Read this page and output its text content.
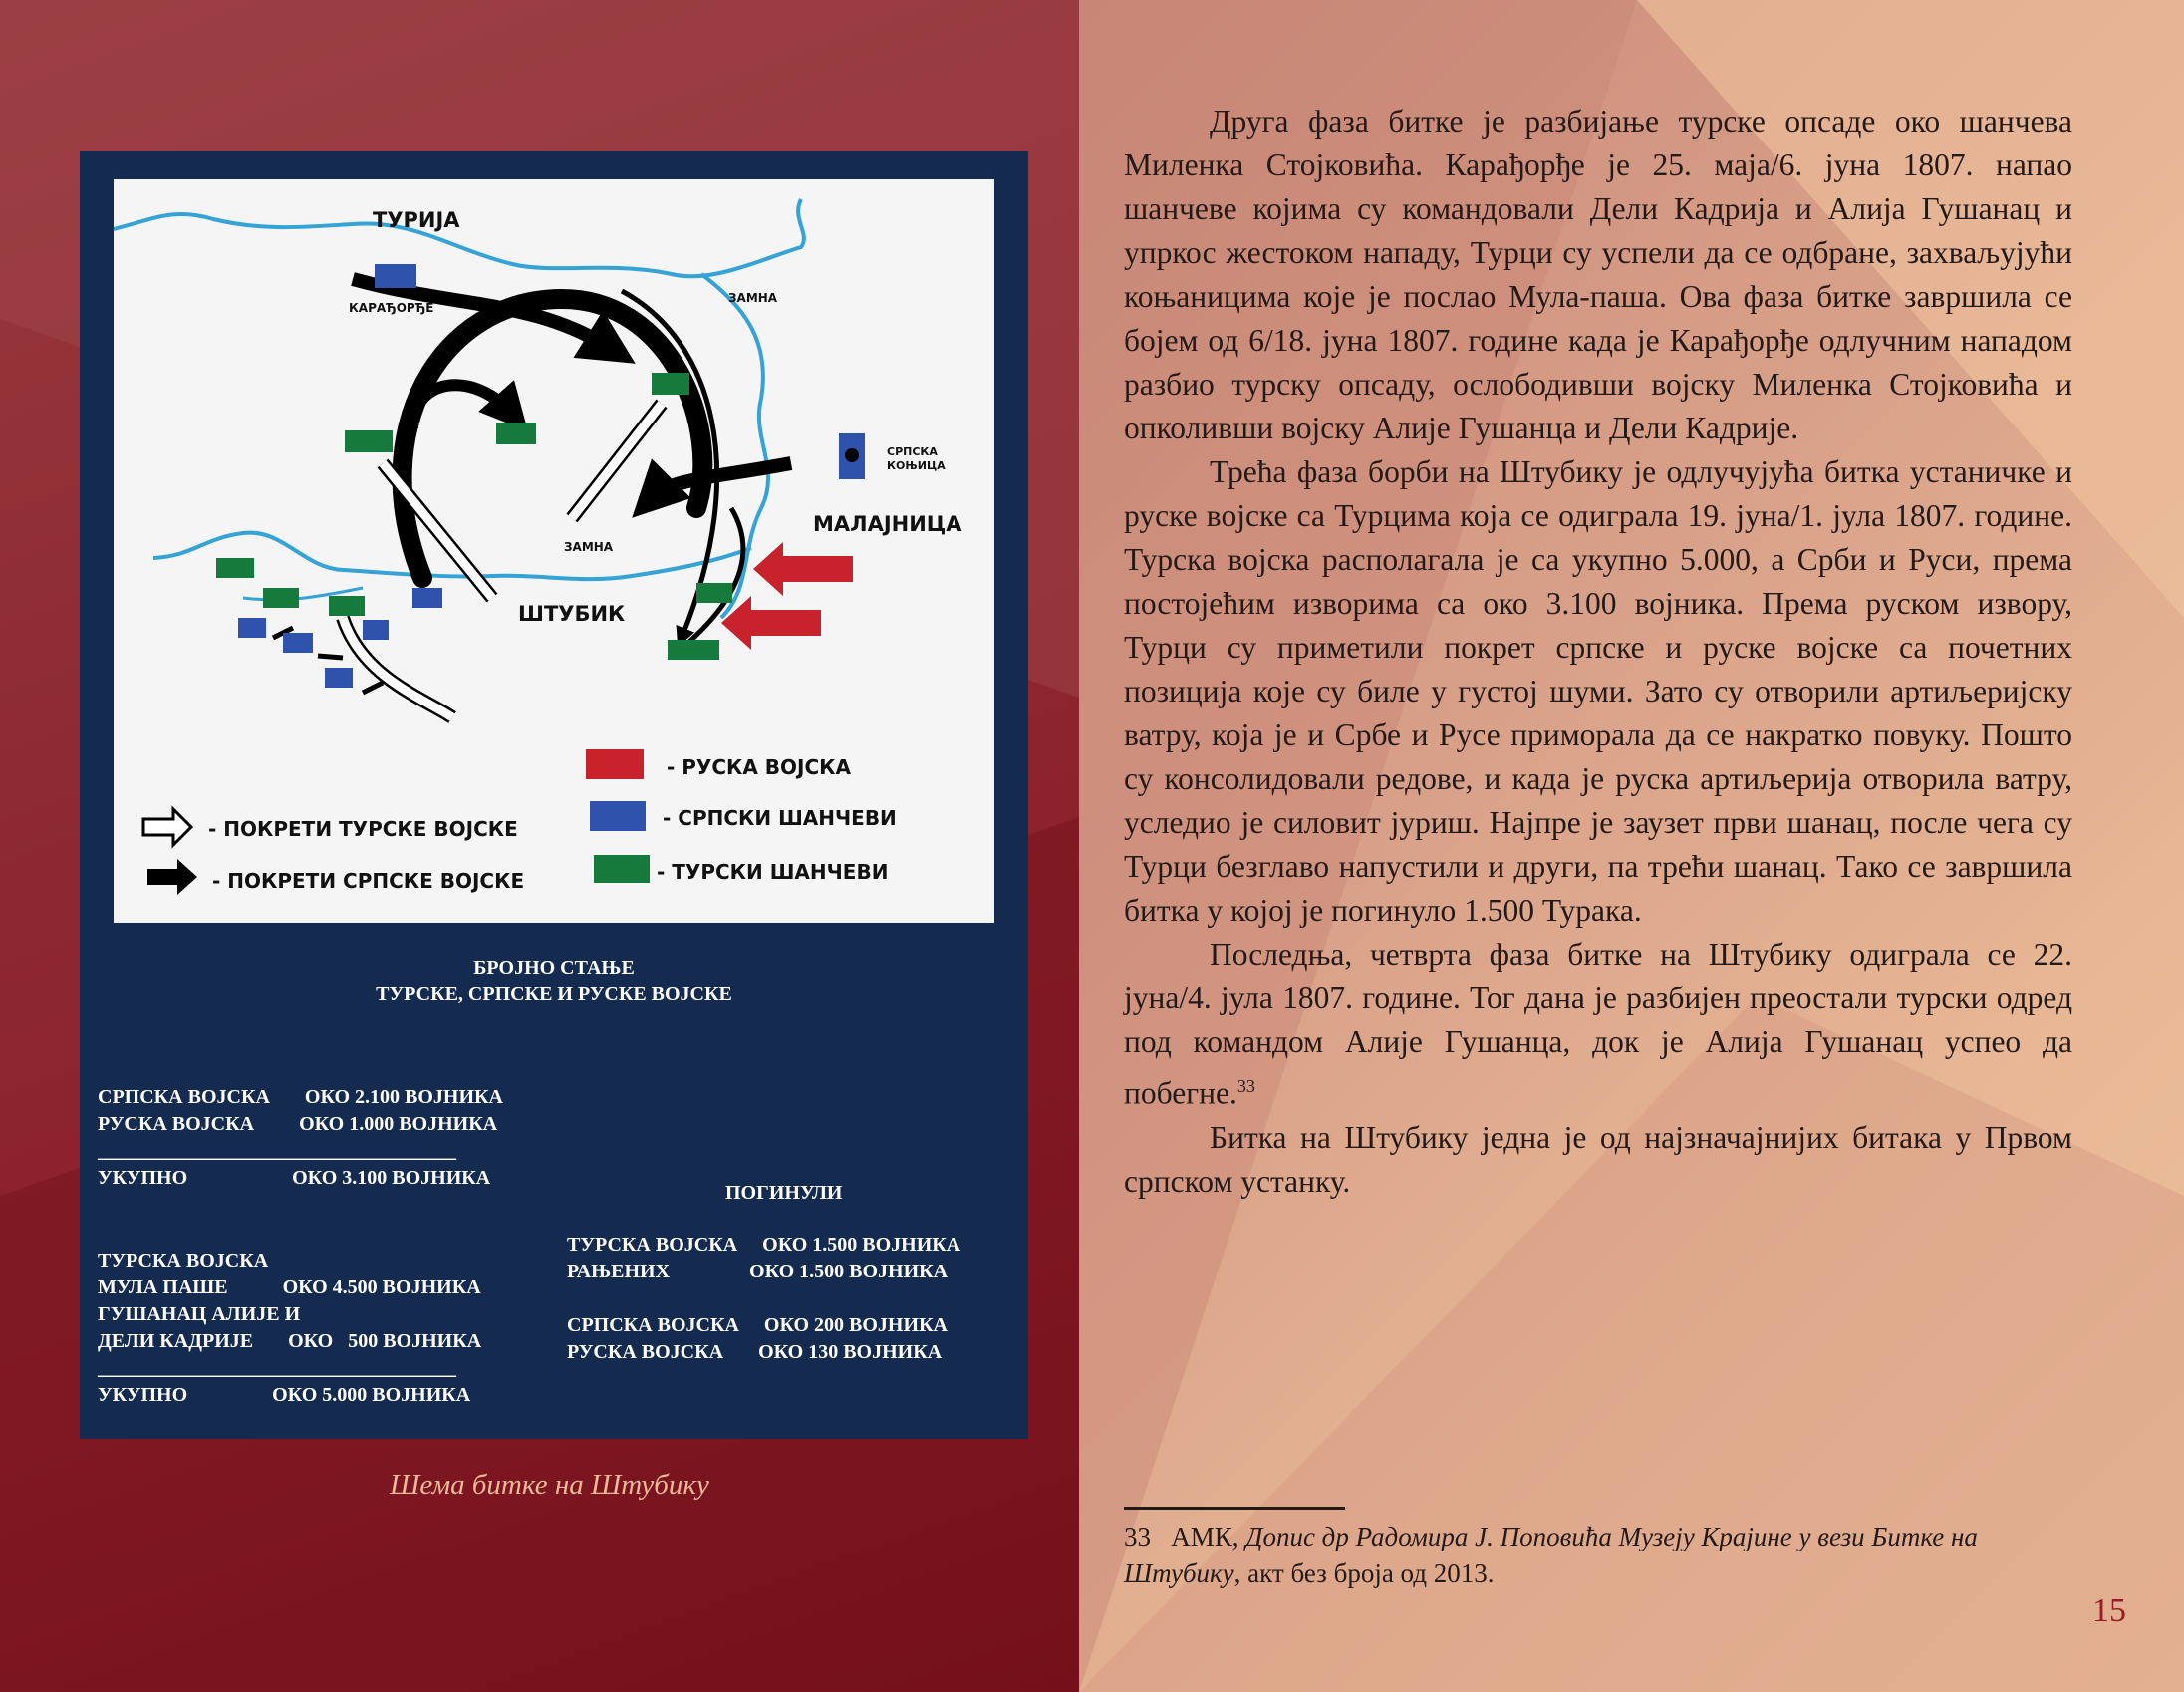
ТУРИЈА
КАРАЂОРЂЕ
ЗАМНА
ЗАМНА
СРПСКА КОЊИЦА
МАЛАЈНИЦА
ШТУБИК
- ПОКРЕТИ ТУРСКЕ ВОЈСКЕ
- ПОКРЕТИ СРПСКЕ ВОЈСКЕ
- РУСКА ВОЈСКА
- СРПСКИ ШАНЧЕВИ
- ТУРСКИ ШАНЧЕВИ
БРОЈНО СТАЊЕ
ТУРСКЕ, СРПСКЕ И РУСКЕ ВОЈСКЕ
СРПСКА ВОЈСКА       ОКО 2.100 ВОЈНИКА
РУСКА ВОЈСКА         ОКО 1.000 ВОЈНИКА
____________________________________
УКУПНО                     ОКО 3.100 ВОЈНИКА
ТУРСКА ВОЈСКА
МУЛА ПАШЕ           ОКО 4.500 ВОЈНИКА
ГУШАНАЦ АЛИЈЕ И
ДЕЛИ КАДРИЈЕ       ОКО   500 ВОЈНИКА
____________________________________
УКУПНО                 ОКО 5.000 ВОЈНИКА
ПОГИНУЛИ
ТУРСКА ВОЈСКА     ОКО 1.500 ВОЈНИКА
РАЊЕНИХ                ОКО 1.500 ВОЈНИКА

СРПСКА ВОЈСКА     ОКО 200 ВОЈНИКА
РУСКА ВОЈСКА       ОКО 130 ВОЈНИКА
Шема битке на Штубику

Друга фаза битке је разбијање турске опсаде око шанчева Миленка Стојковића. Карађорђе је 25. маја/6. јуна 1807. напао шанчеве којима су командовали Дели Кадрија и Алија Гушанац и упркос жестоком нападу, Турци су успели да се одбране, захваљујући коњаницима које је послао Мула-паша. Ова фаза битке завршила се бојем од 6/18. јуна 1807. године када је Карађорђе одлучним нападом разбио турску опсаду, ослободивши војску Миленка Стојковића и опколивши војску Алије Гушанца и Дели Кадрије.

Трећа фаза борби на Штубику је одлучујућа битка устаничке и руске војске са Турцима која се одиграла 19. јуна/1. јула 1807. године. Турска војска располагала је са укупно 5.000, а Срби и Руси, према постојећим изворима са око 3.100 војника. Према руском извору, Турци су приметили покрет српске и руске војске са почетних позиција које су биле у густој шуми. Зато су отворили артиљеријску ватру, која је и Србе и Русе приморала да се накратко повуку. Пошто су консолидовали редове, и када је руска артиљерија отворила ватру, уследио је силовит јуриш. Најпре је заузет први шанац, после чега су Турци безглаво напустили и други, па трећи шанац. Тако се завршила битка у којој је погинуло 1.500 Турака.

Последња, четврта фаза битке на Штубику одиграла се 22. јуна/4. јула 1807. године. Тог дана је разбијен преостали турски одред под командом Алије Гушанца, док је Алија Гушанац успео да побегне.$^{33}$

Битка на Штубику једна је од најзначајнијих битака у Првом српском устанку.

33 АМК, Допис др Радомира Ј. Поповића Музеју Крајине у вези Битке на Штубику, акт без броја од 2013.
15
